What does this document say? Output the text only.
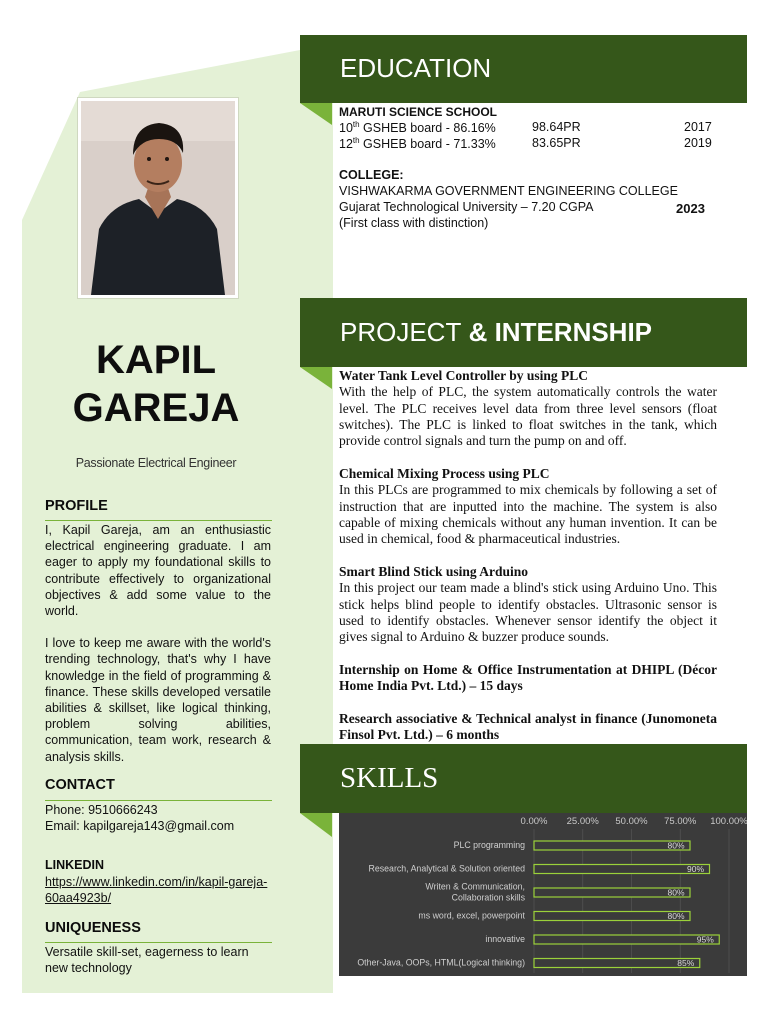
KAPIL
GAREJA
Passionate Electrical Engineer
PROFILE

I, Kapil Gareja, am an enthusiastic electrical engineering graduate. I am eager to apply my foundational skills to contribute effectively to organizational objectives & add some value to the world.

I love to keep me aware with the world's trending technology, that's why I have knowledge in the field of programming & finance. These skills developed versatile abilities & skillset, like logical thinking, problem solving abilities, communication, team work, research & analysis skills.

CONTACT
Phone: 9510666243
Email: kapilgareja143@gmail.com
LINKEDIN
https://www.linkedin.com/in/kapil-gareja-60aa4923b/
UNIQUENESS
Versatile skill-set, eagerness to learn new technology
EDUCATION
MARUTI SCIENCE SCHOOL
10th GSHEB board - 86.16%	98.64PR	2017
12th GSHEB board - 71.33%	83.65PR	2019
COLLEGE:
VISHWAKARMA GOVERNMENT ENGINEERING COLLEGE
Gujarat Technological University – 7.20 CGPA	2023
(First class with distinction)
PROJECT & INTERNSHIP
Water Tank Level Controller by using PLC
With the help of PLC, the system automatically controls the water level. The PLC receives level data from three level sensors (float switches). The PLC is linked to float switches in the tank, which provide control signals and turn the pump on and off.
Chemical Mixing Process using PLC
In this PLCs are programmed to mix chemicals by following a set of instruction that are inputted into the machine. The system is also capable of mixing chemicals without any human invention. It can be used in chemical, food & pharmaceutical industries.
Smart Blind Stick using Arduino
In this project our team made a blind's stick using Arduino Uno. This stick helps blind people to identify obstacles. Ultrasonic sensor is used to identify obstacles. Whenever sensor identify the object it gives signal to Arduino & buzzer produce sounds.
Internship on Home & Office Instrumentation at DHIPL (Décor Home India Pvt. Ltd.) – 15 days
Research associative & Technical analyst in finance (Junomoneta Finsol Pvt. Ltd.) – 6 months
SKILLS
0.00% 25.00% 50.00% 75.00% 100.00%
PLC programming	80%
Research, Analytical & Solution oriented	90%
Writen & Communication,
Collaboration skills	80%
ms word, excel, powerpoint	80%
innovative	95%
Other-Java, OOPs, HTML(Logical thinking)	85%
